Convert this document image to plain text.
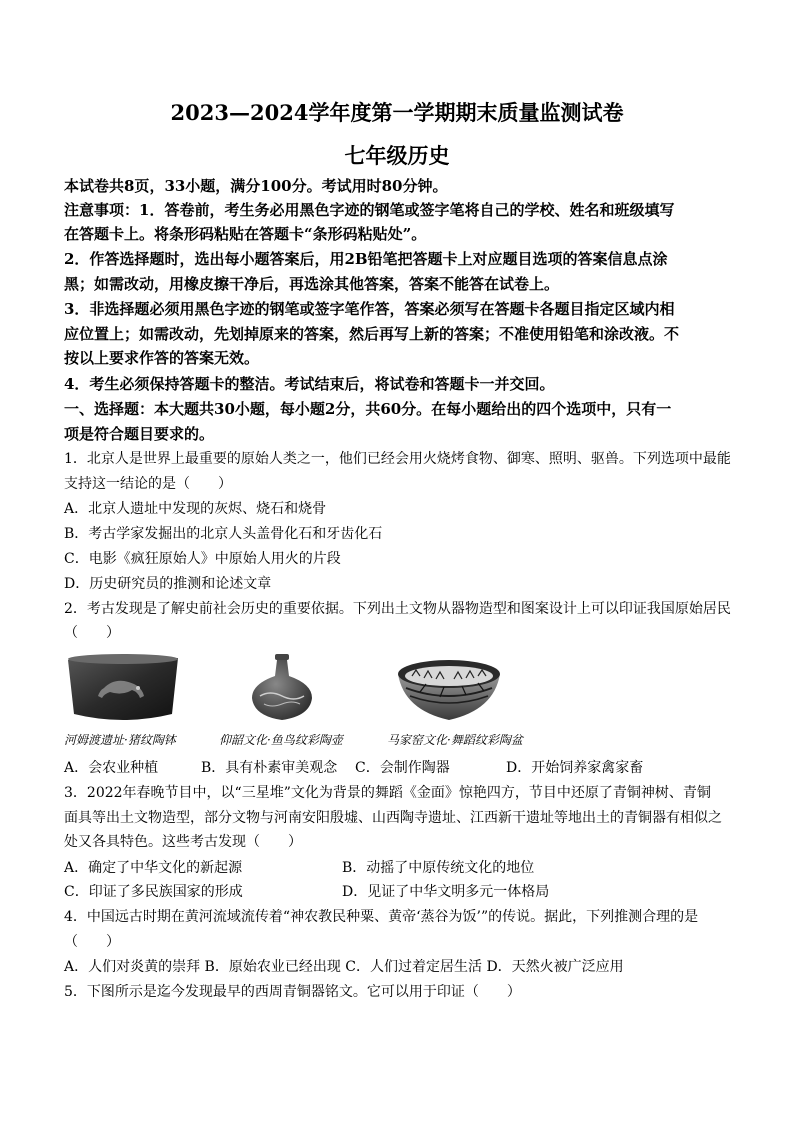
2023—2024学年度第一学期期末质量监测试卷
七年级历史
本试卷共8页，33小题，满分100分。考试用时80分钟。
注意事项：1．答卷前，考生务必用黑色字迹的钢笔或签字笔将自己的学校、姓名和班级填写
在答题卡上。将条形码粘贴在答题卡“条形码粘贴处”。
2．作答选择题时，选出每小题答案后，用2B铅笔把答题卡上对应题目选项的答案信息点涂
黑；如需改动，用橡皮擦干净后，再选涂其他答案，答案不能答在试卷上。
3．非选择题必须用黑色字迹的钢笔或签字笔作答，答案必须写在答题卡各题目指定区域内相
应位置上；如需改动，先划掉原来的答案，然后再写上新的答案；不准使用铅笔和涂改液。不
按以上要求作答的答案无效。
4．考生必须保持答题卡的整洁。考试结束后，将试卷和答题卡一并交回。
一、选择题：本大题共30小题，每小题2分，共60分。在每小题给出的四个选项中，只有一
项是符合题目要求的。
1．北京人是世界上最重要的原始人类之一，他们已经会用火烧烤食物、御寒、照明、驱兽。下列选项中最能
支持这一结论的是（　　）
A．北京人遗址中发现的灰烬、烧石和烧骨
B．考古学家发掘出的北京人头盖骨化石和牙齿化石
C．电影《疯狂原始人》中原始人用火的片段
D．历史研究员的推测和论述文章
2．考古发现是了解史前社会历史的重要依据。下列出土文物从器物造型和图案设计上可以印证我国原始居民
（　　）
河姆渡遗址·猪纹陶钵	仰韶文化·鱼鸟纹彩陶壶	马家窑文化·舞蹈纹彩陶盆
A．会农业种植	B．具有朴素审美观念 C．会制作陶器	D．开始饲养家禽家畜
3．2022年春晚节目中，以“三星堆”文化为背景的舞蹈《金面》惊艳四方，节目中还原了青铜神树、青铜
面具等出土文物造型，部分文物与河南安阳殷墟、山西陶寺遗址、江西新干遗址等地出土的青铜器有相似之
处又各具特色。这些考古发现（　　）
A．确定了中华文化的新起源	B．动摇了中原传统文化的地位
C．印证了多民族国家的形成	D．见证了中华文明多元一体格局
4．中国远古时期在黄河流域流传着“神农教民种粟、黄帝‘蒸谷为饭’”的传说。据此，下列推测合理的是
（　　）
A．人们对炎黄的崇拜 B．原始农业已经出现 C．人们过着定居生活 D．天然火被广泛应用
5．下图所示是迄今发现最早的西周青铜器铭文。它可以用于印证（　　）
